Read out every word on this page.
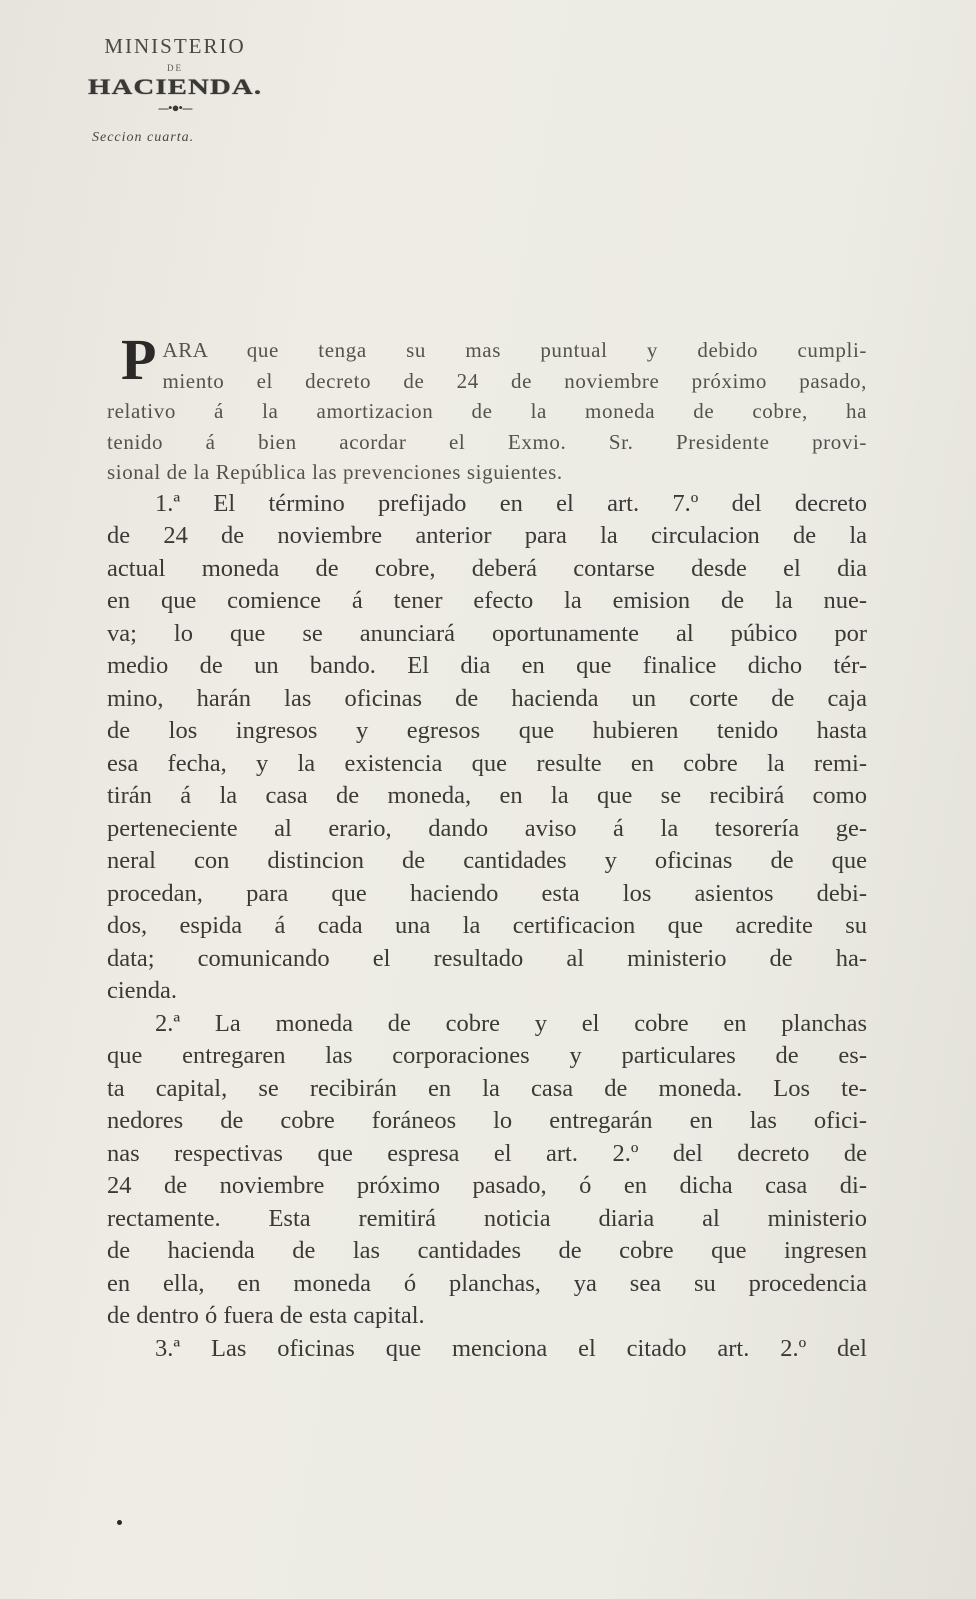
MINISTERIO
DE
HACIENDA.
---•●•---
Seccion cuarta.
P ARA que tenga su mas puntual y debido cumpli-
miento el decreto de 24 de noviembre próximo pasado,
relativo á la amortizacion de la moneda de cobre, ha
tenido á bien acordar el Exmo. Sr. Presidente provi-
sional de la República las prevenciones siguientes.
1.ª El término prefijado en el art. 7.º del decreto
de 24 de noviembre anterior para la circulacion de la
actual moneda de cobre, deberá contarse desde el dia
en que comience á tener efecto la emision de la nue-
va; lo que se anunciará oportunamente al púbico por
medio de un bando. El dia en que finalice dicho tér-
mino, harán las oficinas de hacienda un corte de caja
de los ingresos y egresos que hubieren tenido hasta
esa fecha, y la existencia que resulte en cobre la remi-
tirán á la casa de moneda, en la que se recibirá como
perteneciente al erario, dando aviso á la tesorería ge-
neral con distincion de cantidades y oficinas de que
procedan, para que haciendo esta los asientos debi-
dos, espida á cada una la certificacion que acredite su
data; comunicando el resultado al ministerio de ha-
cienda.
2.ª La moneda de cobre y el cobre en planchas
que entregaren las corporaciones y particulares de es-
ta capital, se recibirán en la casa de moneda. Los te-
nedores de cobre foráneos lo entregarán en las ofici-
nas respectivas que espresa el art. 2.º del decreto de
24 de noviembre próximo pasado, ó en dicha casa di-
rectamente. Esta remitirá noticia diaria al ministerio
de hacienda de las cantidades de cobre que ingresen
en ella, en moneda ó planchas, ya sea su procedencia
de dentro ó fuera de esta capital.
3.ª Las oficinas que menciona el citado art. 2.º del
